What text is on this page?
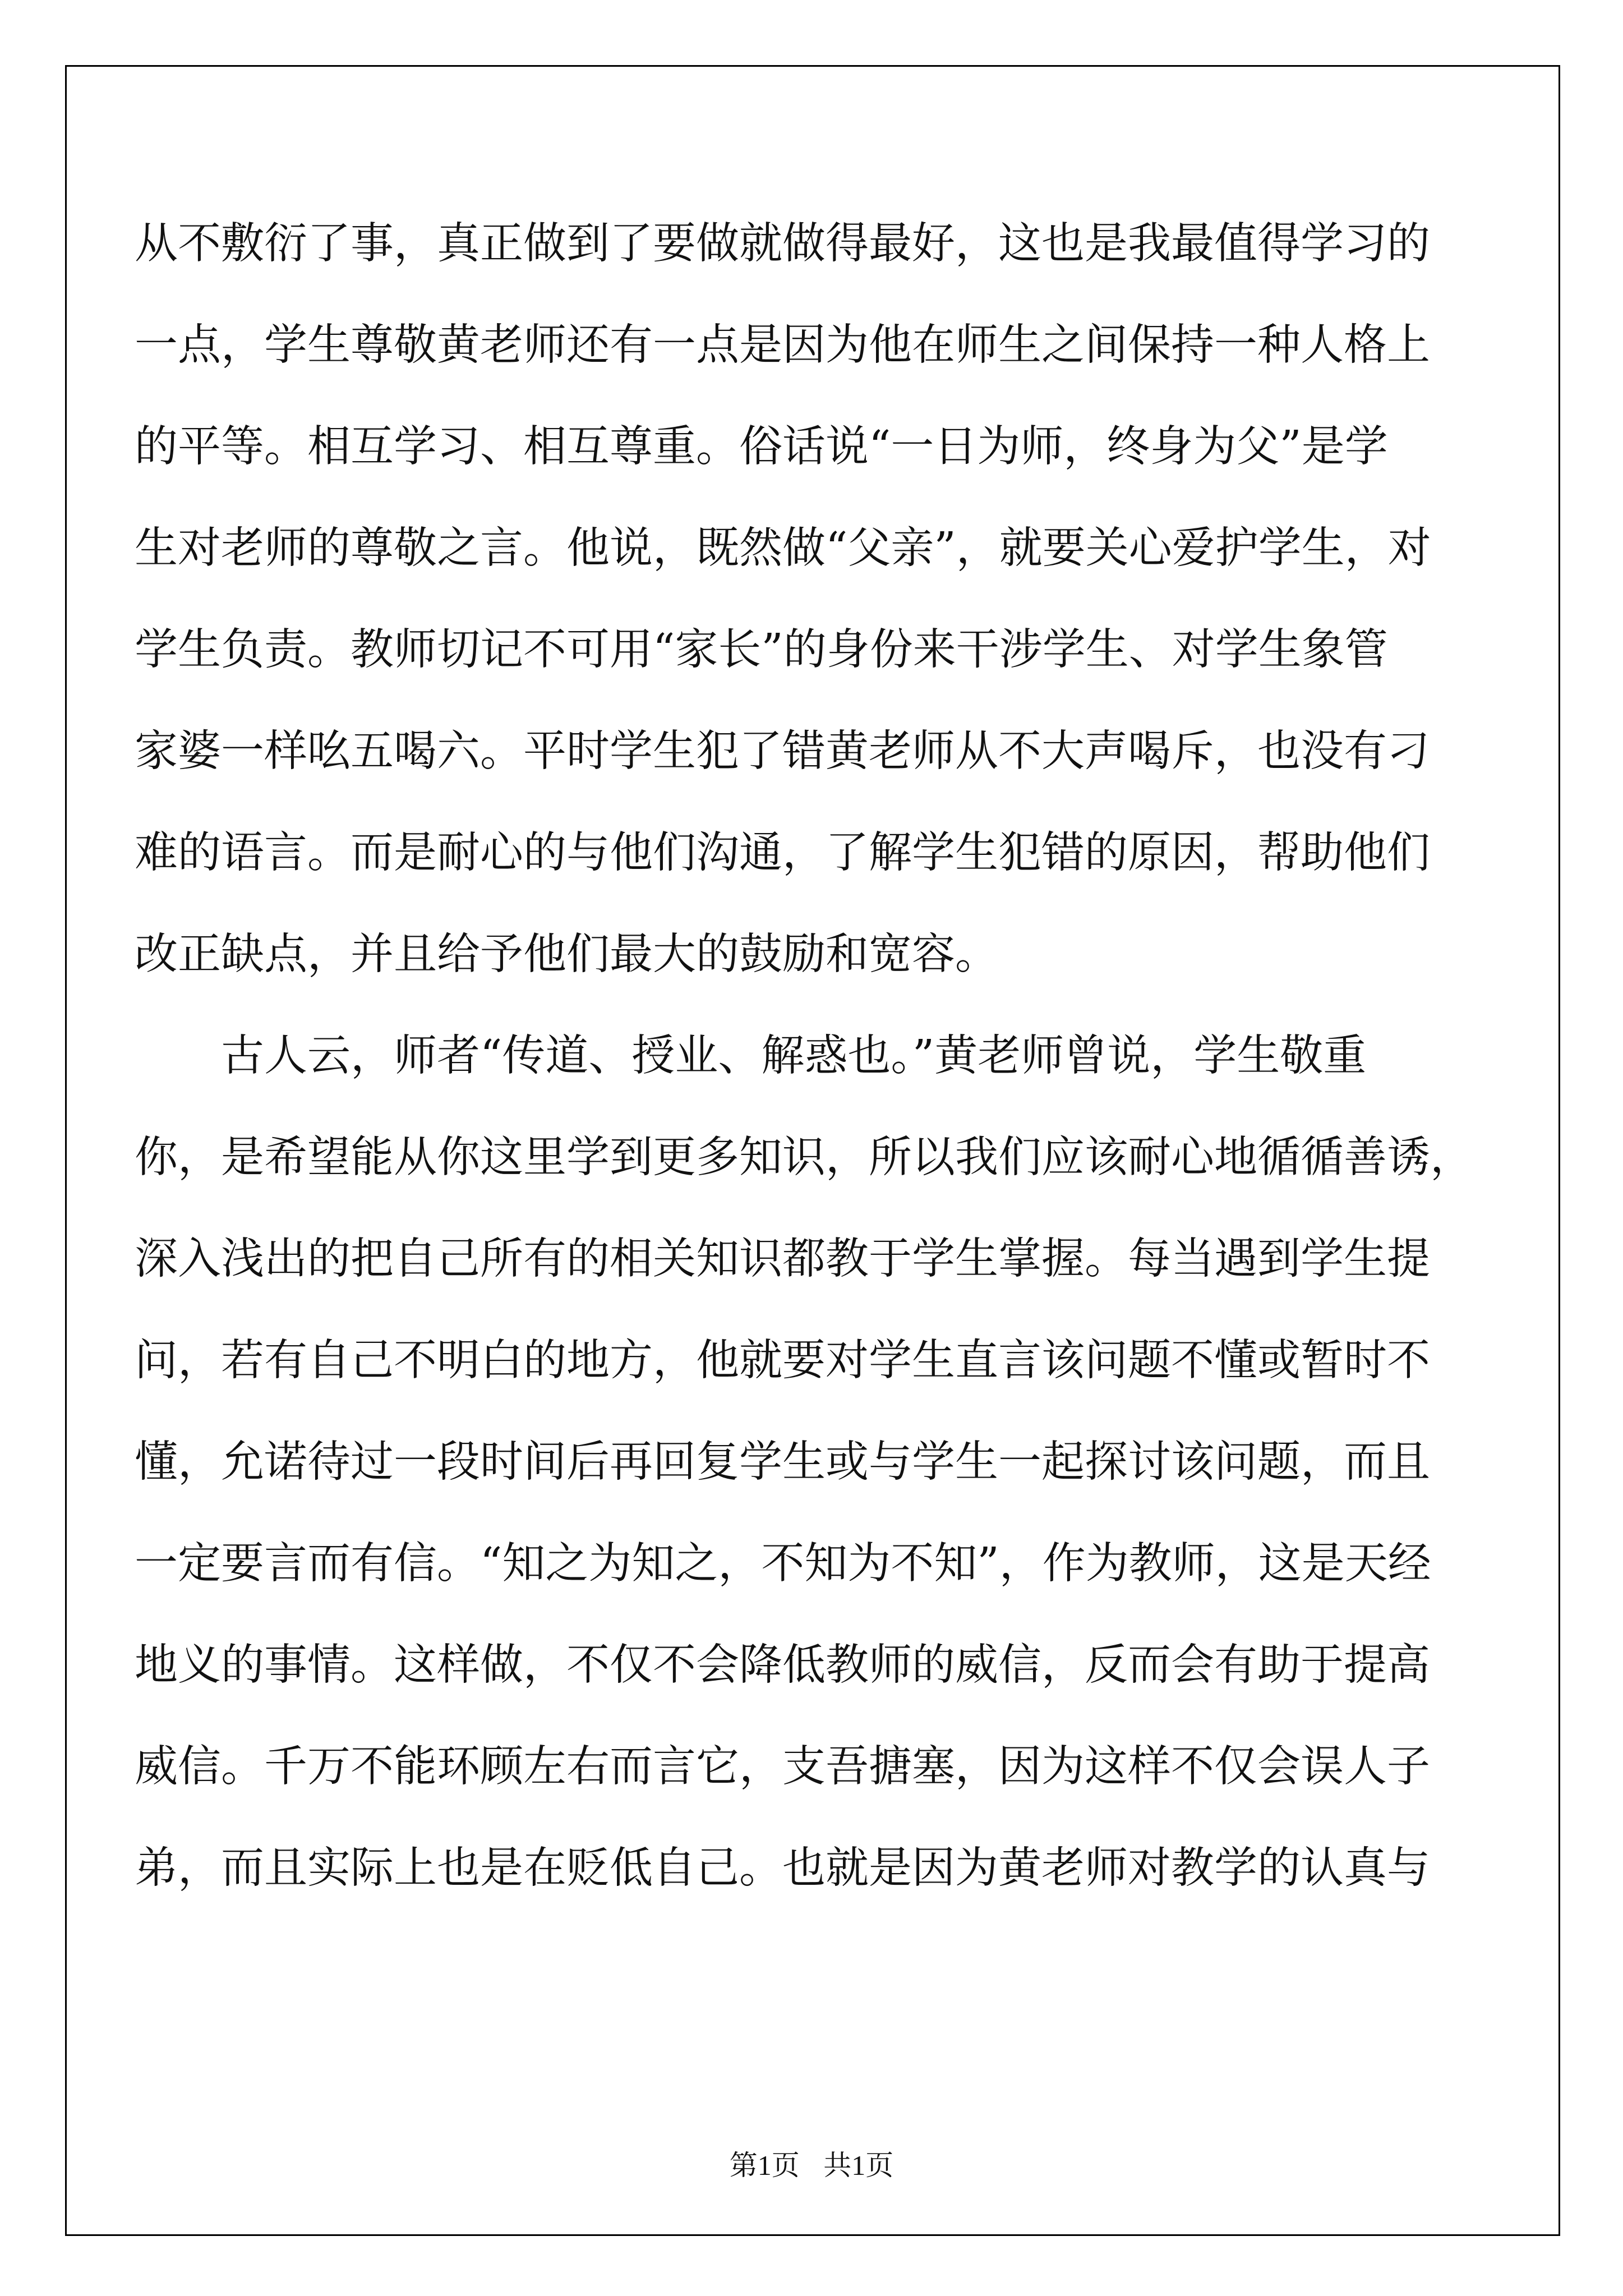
从不敷衍了事，真正做到了要做就做得最好，这也是我最值得学习的
一点，学生尊敬黄老师还有一点是因为他在师生之间保持一种人格上
的平等。相互学习、相互尊重。俗话说“一日为师，终身为父”是学
生对老师的尊敬之言。他说，既然做“父亲”，就要关心爱护学生，对
学生负责。教师切记不可用“家长”的身份来干涉学生、对学生象管
家婆一样吆五喝六。平时学生犯了错黄老师从不大声喝斥，也没有刁
难的语言。而是耐心的与他们沟通，了解学生犯错的原因，帮助他们
改正缺点，并且给予他们最大的鼓励和宽容。
古人云，师者“传道、授业、解惑也。”黄老师曾说，学生敬重
你，是希望能从你这里学到更多知识，所以我们应该耐心地循循善诱，
深入浅出的把自己所有的相关知识都教于学生掌握。每当遇到学生提
问，若有自己不明白的地方，他就要对学生直言该问题不懂或暂时不
懂，允诺待过一段时间后再回复学生或与学生一起探讨该问题，而且
一定要言而有信。“知之为知之，不知为不知”，作为教师，这是天经
地义的事情。这样做，不仅不会降低教师的威信，反而会有助于提高
威信。千万不能环顾左右而言它，支吾搪塞，因为这样不仅会误人子
弟，而且实际上也是在贬低自己。也就是因为黄老师对教学的认真与
第1页 共1页
